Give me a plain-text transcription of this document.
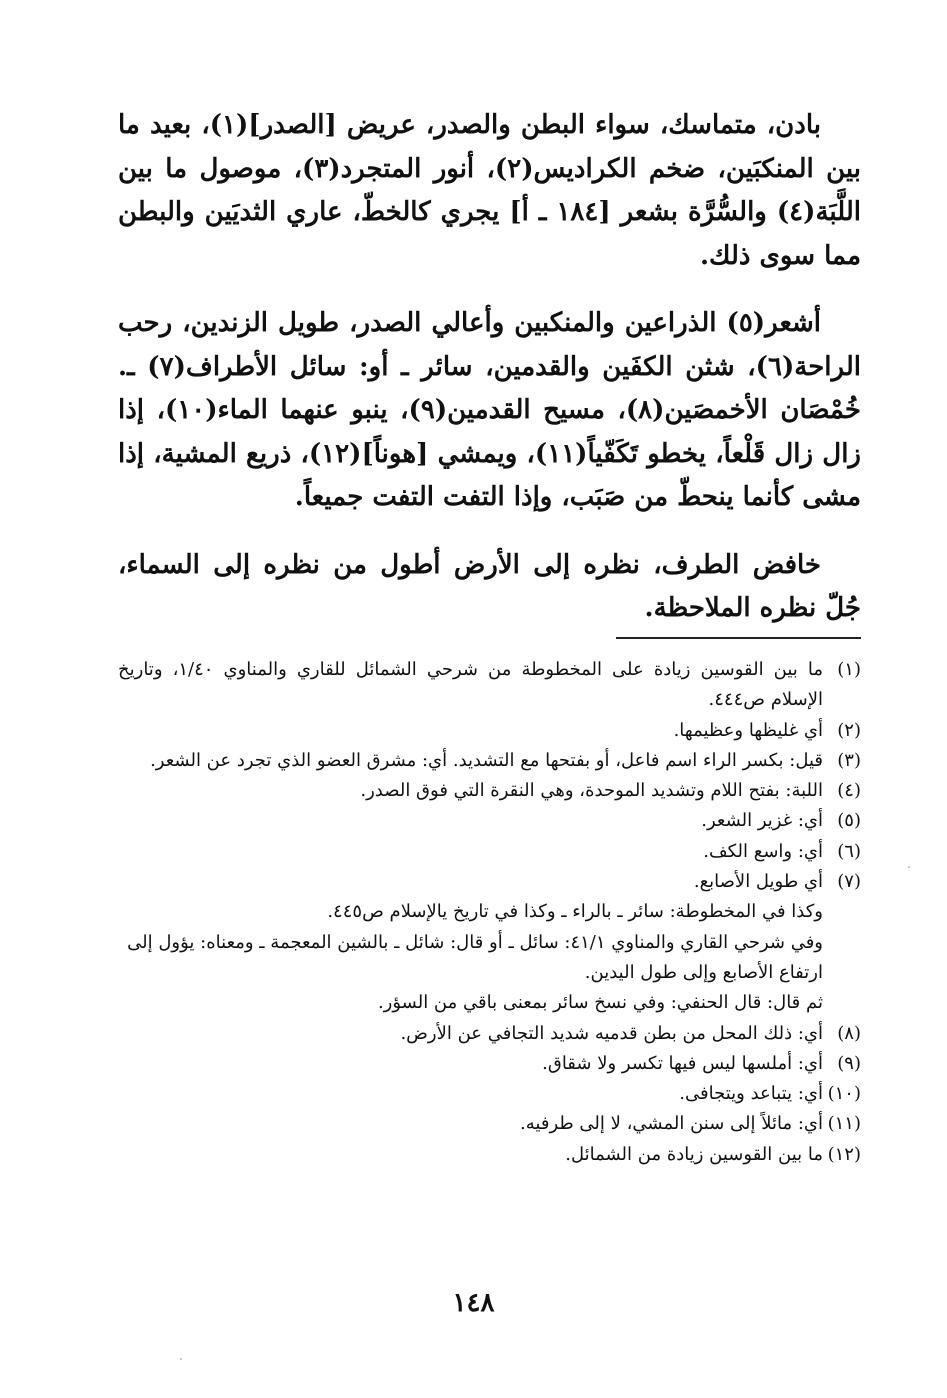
بادن، متماسك، سواء البطن والصدر، عريض [الصدر](١)، بعيد ما بين المنكبَين، ضخم الكراديس(٢)، أنور المتجرد(٣)، موصول ما بين اللَّبَة(٤) والسُّرَّة بشعر [١٨٤ ـ أ] يجري كالخطّ، عاري الثديَين والبطن مما سوى ذلك.

أشعر(٥) الذراعين والمنكبين وأعالي الصدر، طويل الزندين، رحب الراحة(٦)، شثن الكفَين والقدمين، سائر ـ أو: سائل الأطراف(٧) ـ. خُمْصَان الأخمصَين(٨)، مسيح القدمين(٩)، ينبو عنهما الماء(١٠)، إذا زال زال قَلْعاً، يخطو تَكَفّياً(١١)، ويمشي [هوناً](١٢)، ذريع المشية، إذا مشى كأنما ينحطّ من صَبَب، وإذا التفت التفت جميعاً.

خافض الطرف، نظره إلى الأرض أطول من نظره إلى السماء، جُلّ نظره الملاحظة.

(١)
ما بين القوسين زيادة على المخطوطة من شرحي الشمائل للقاري والمناوي ١/٤٠، وتاريخ الإسلام ص٤٤٤.
(٢)
أي غليظها وعظيمها.
(٣)
قيل: بكسر الراء اسم فاعل، أو بفتحها مع التشديد. أي: مشرق العضو الذي تجرد عن الشعر.
(٤)
اللبة: بفتح اللام وتشديد الموحدة، وهي النقرة التي فوق الصدر.
(٥)
أي: غزير الشعر.
(٦)
أي: واسع الكف.
(٧)
أي طويل الأصابع.
وكذا في المخطوطة: سائر ـ بالراء ـ وكذا في تاريخ يالإسلام ص٤٤٥.
وفي شرحي القاري والمناوي ٤١/١: سائل ـ أو قال: شائل ـ بالشين المعجمة ـ ومعناه: يؤول إلى ارتفاع الأصابع وإلى طول اليدين.
ثم قال: قال الحنفي: وفي نسخ سائر بمعنى باقي من السؤر.
(٨)
أي: ذلك المحل من بطن قدميه شديد التجافي عن الأرض.
(٩)
أي: أملسها ليس فيها تكسر ولا شقاق.
(١٠)
أي: يتباعد ويتجافى.
(١١)
أي: مائلاً إلى سنن المشي، لا إلى طرفيه.
(١٢)
ما بين القوسين زيادة من الشمائل.
١٤٨
